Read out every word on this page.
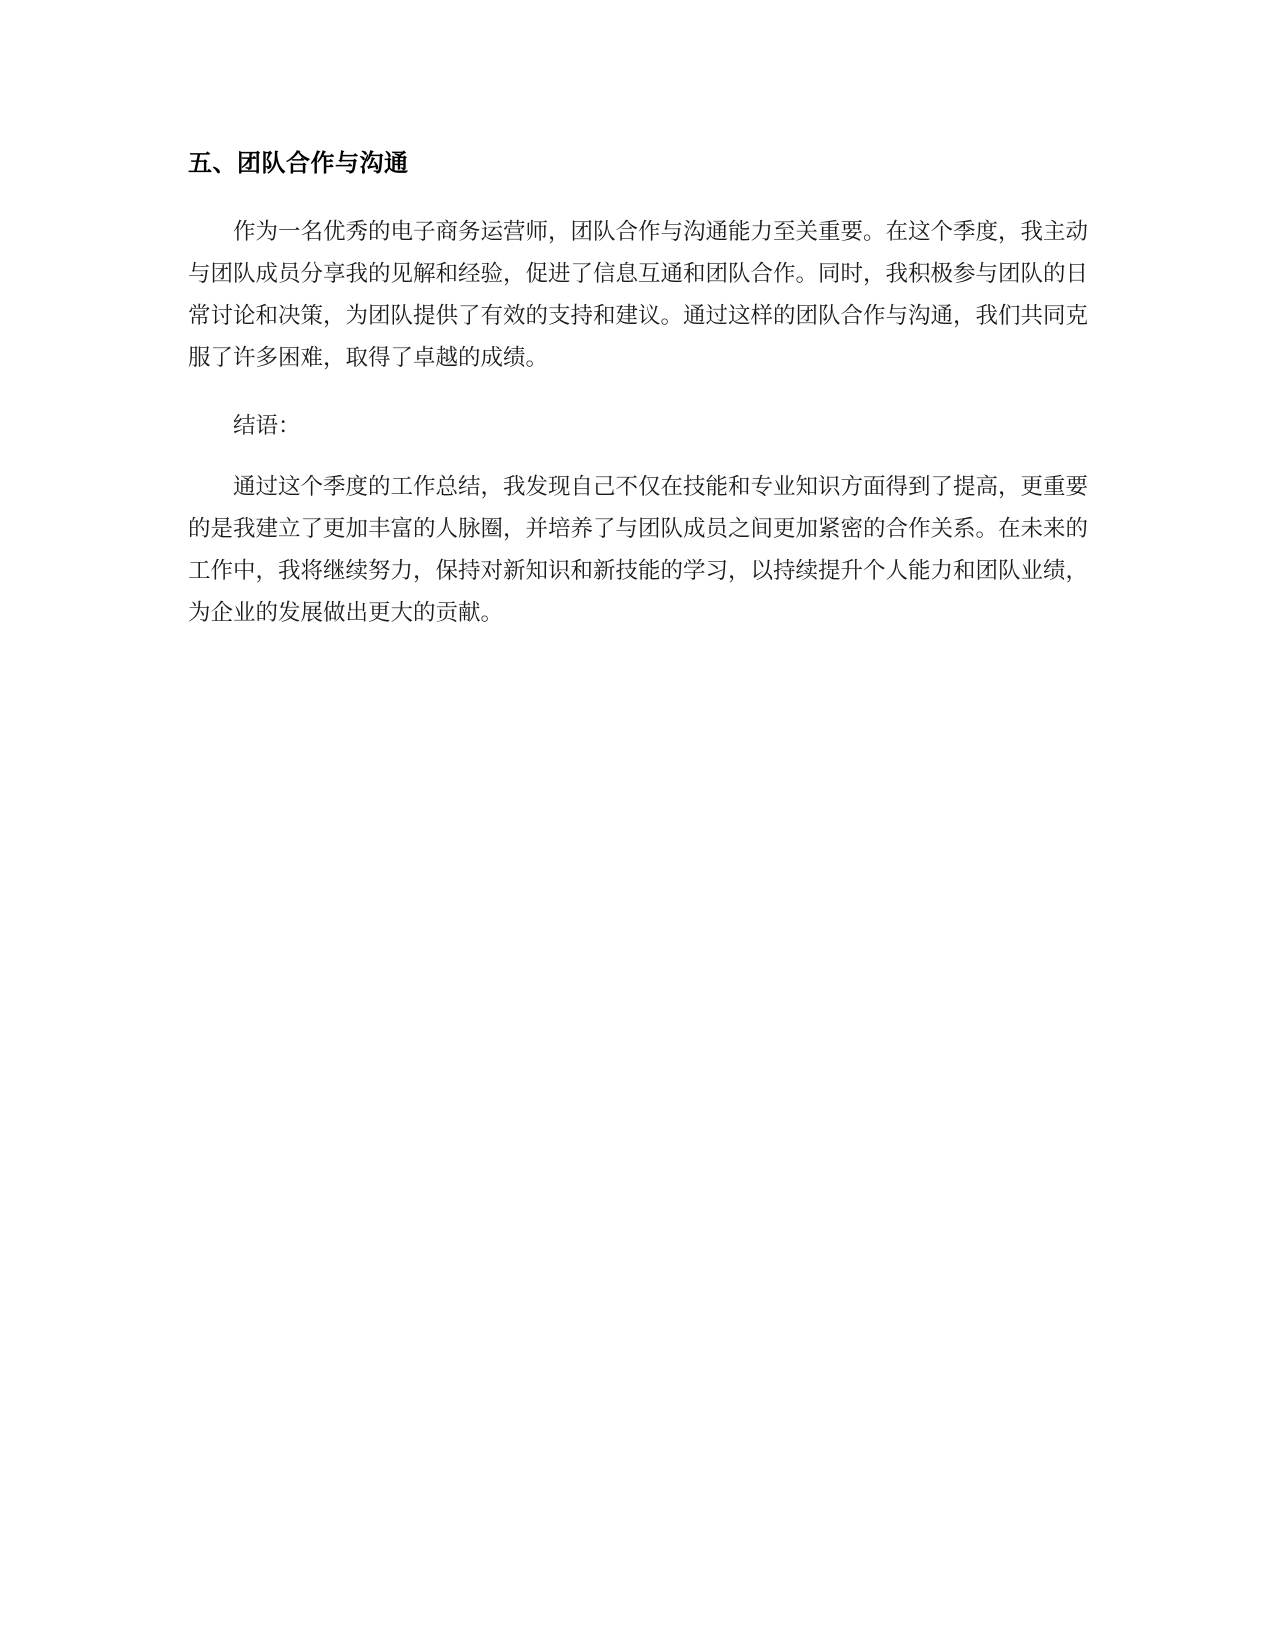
五、团队合作与沟通

作为一名优秀的电子商务运营师，团队合作与沟通能力至关重要。在这个季度，我主动与团队成员分享我的见解和经验，促进了信息互通和团队合作。同时，我积极参与团队的日常讨论和决策，为团队提供了有效的支持和建议。通过这样的团队合作与沟通，我们共同克服了许多困难，取得了卓越的成绩。

结语：

通过这个季度的工作总结，我发现自己不仅在技能和专业知识方面得到了提高，更重要的是我建立了更加丰富的人脉圈，并培养了与团队成员之间更加紧密的合作关系。在未来的工作中，我将继续努力，保持对新知识和新技能的学习，以持续提升个人能力和团队业绩，为企业的发展做出更大的贡献。
